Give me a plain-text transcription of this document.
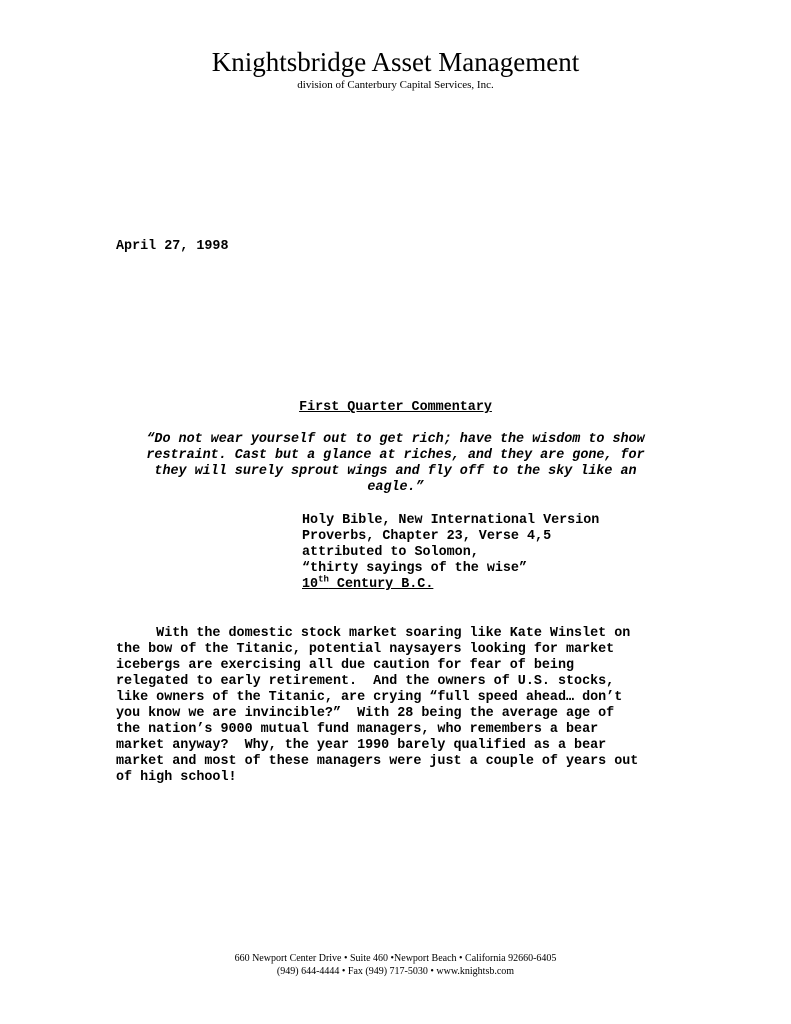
Knightsbridge Asset Management
division of Canterbury Capital Services, Inc.
April 27, 1998
First Quarter Commentary
“Do not wear yourself out to get rich; have the wisdom to show
restraint. Cast but a glance at riches, and they are gone, for
they will surely sprout wings and fly off to the sky like an
eagle.”
Holy Bible, New International Version
Proverbs, Chapter 23, Verse 4,5
attributed to Solomon,
“thirty sayings of the wise”
10th Century B.C.
With the domestic stock market soaring like Kate Winslet on
the bow of the Titanic, potential naysayers looking for market
icebergs are exercising all due caution for fear of being
relegated to early retirement.  And the owners of U.S. stocks,
like owners of the Titanic, are crying “full speed ahead… don’t
you know we are invincible?”  With 28 being the average age of
the nation’s 9000 mutual fund managers, who remembers a bear
market anyway?  Why, the year 1990 barely qualified as a bear
market and most of these managers were just a couple of years out
of high school!
660 Newport Center Drive • Suite 460 •Newport Beach • California 92660-6405
(949) 644-4444 • Fax (949) 717-5030 • www.knightsb.com
